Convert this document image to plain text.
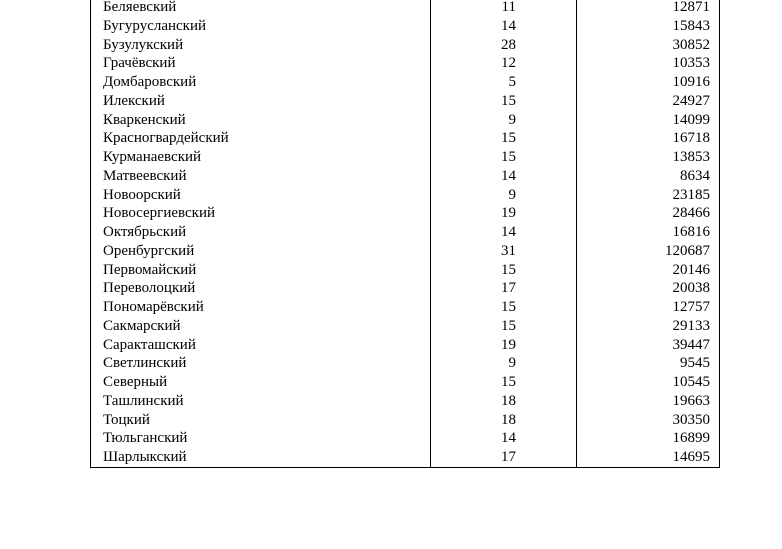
Беляевский	11	12871
Бугурусланский	14	15843
Бузулукский	28	30852
Грачёвский	12	10353
Домбаровский	5	10916
Илекский	15	24927
Кваркенский	9	14099
Красногвардейский	15	16718
Курманаевский	15	13853
Матвеевский	14	8634
Новоорский	9	23185
Новосергиевский	19	28466
Октябрьский	14	16816
Оренбургский	31	120687
Первомайский	15	20146
Переволоцкий	17	20038
Пономарёвский	15	12757
Сакмарский	15	29133
Саракташский	19	39447
Светлинский	9	9545
Северный	15	10545
Ташлинский	18	19663
Тоцкий	18	30350
Тюльганский	14	16899
Шарлыкский	17	14695
